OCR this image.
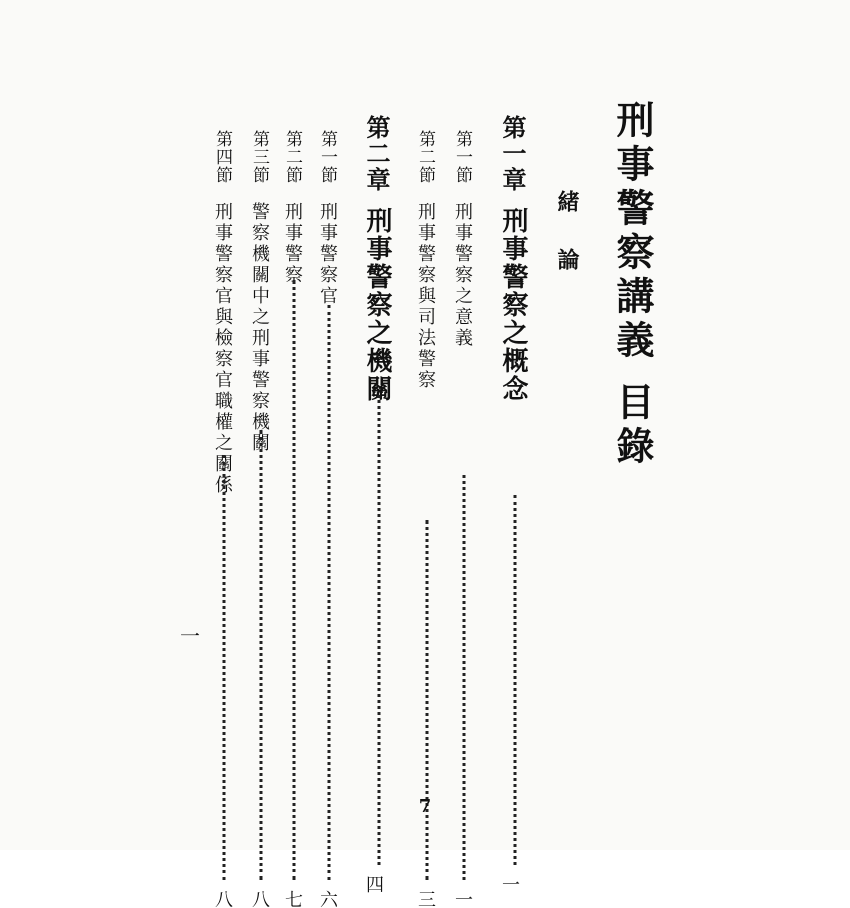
刑事警察講義目錄
緒論
第一章
刑事警察之概念
一
第一節
刑事警察之意義
一
第二節
刑事警察與司法警察
三
第二章
刑事警察之機關
四
第一節
刑事警察官
六
第二節
刑事警察
七
第三節
警察機關中之刑事警察機關
八
第四節
刑事警察官與檢察官職權之關係
八
一
7
